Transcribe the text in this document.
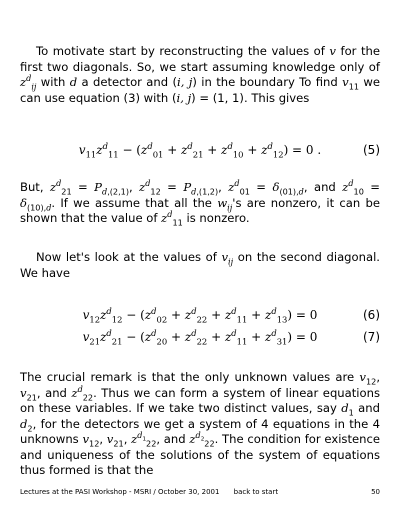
To motivate start by reconstructing the values of v for the first two diagonals. So, we start assuming knowledge only of $z^d_{ij}$ with d a detector and (i, j) in the boundary To find $v_{11}$ we can use equation (3) with (i, j) = (1, 1). This gives

$v_{11}z^d_{11} - (z^d_{01} + z^d_{21} + z^d_{10} + z^d_{12}) = 0$ .	(5)

But, $z^d_{21} = P_{d,(2,1)}$, $z^d_{12} = P_{d,(1,2)}$, $z^d_{01} = \delta_{(01),d}$, and $z^d_{10} = \delta_{(10),d}$. If we assume that all the $w_{ij}'s$ are nonzero, it can be shown that the value of $z^d_{11}$ is nonzero.

Now let's look at the values of $v_{ij}$ on the second diagonal. We have

$v_{12}z^d_{12} - (z^d_{02} + z^d_{22} + z^d_{11} + z^d_{13}) = 0$	(6)
$v_{21}z^d_{21} - (z^d_{20} + z^d_{22} + z^d_{11} + z^d_{31}) = 0$	(7)

The crucial remark is that the only unknown values are $v_{12}$, $v_{21}$, and $z^d_{22}$. Thus we can form a system of linear equations on these variables. If we take two distinct values, say $d_1$ and $d_2$, for the detectors we get a system of 4 equations in the 4 unknowns $v_{12}$, $v_{21}$, $z^{d_1}_{22}$, and $z^{d_2}_{22}$. The condition for existence and uniqueness of the solutions of the system of equations thus formed is that the

Lectures at the PASI Workshop - MSRI / October 30, 2001 back to start	50
